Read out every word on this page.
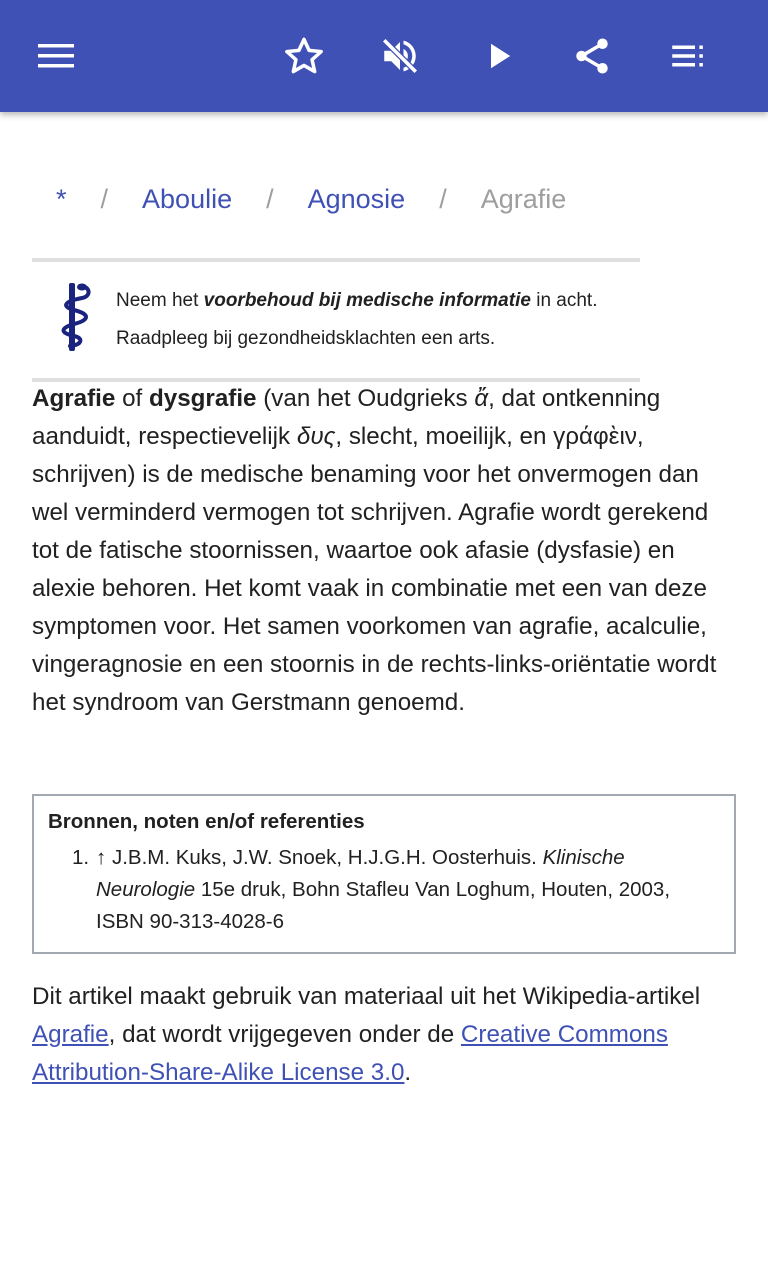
* / Aboulie / Agnosie / Agrafie
Neem het voorbehoud bij medische informatie in acht.
Raadpleeg bij gezondheidsklachten een arts.
Agrafie of dysgrafie (van het Oudgrieks ἄ, dat ontkenning aanduidt, respectievelijk δυς, slecht, moeilijk, en γράφὲιν, schrijven) is de medische benaming voor het onvermogen dan wel verminderd vermogen tot schrijven. Agrafie wordt gerekend tot de fatische stoornissen, waartoe ook afasie (dysfasie) en alexie behoren. Het komt vaak in combinatie met een van deze symptomen voor. Het samen voorkomen van agrafie, acalculie, vingeragnosie en een stoornis in de rechts-links-oriëntatie wordt het syndroom van Gerstmann genoemd.
Bronnen, noten en/of referenties
1. ↑ J.B.M. Kuks, J.W. Snoek, H.J.G.H. Oosterhuis. Klinische Neurologie 15e druk, Bohn Stafleu Van Loghum, Houten, 2003, ISBN 90-313-4028-6
Dit artikel maakt gebruik van materiaal uit het Wikipedia-artikel Agrafie, dat wordt vrijgegeven onder de Creative Commons Attribution-Share-Alike License 3.0.
